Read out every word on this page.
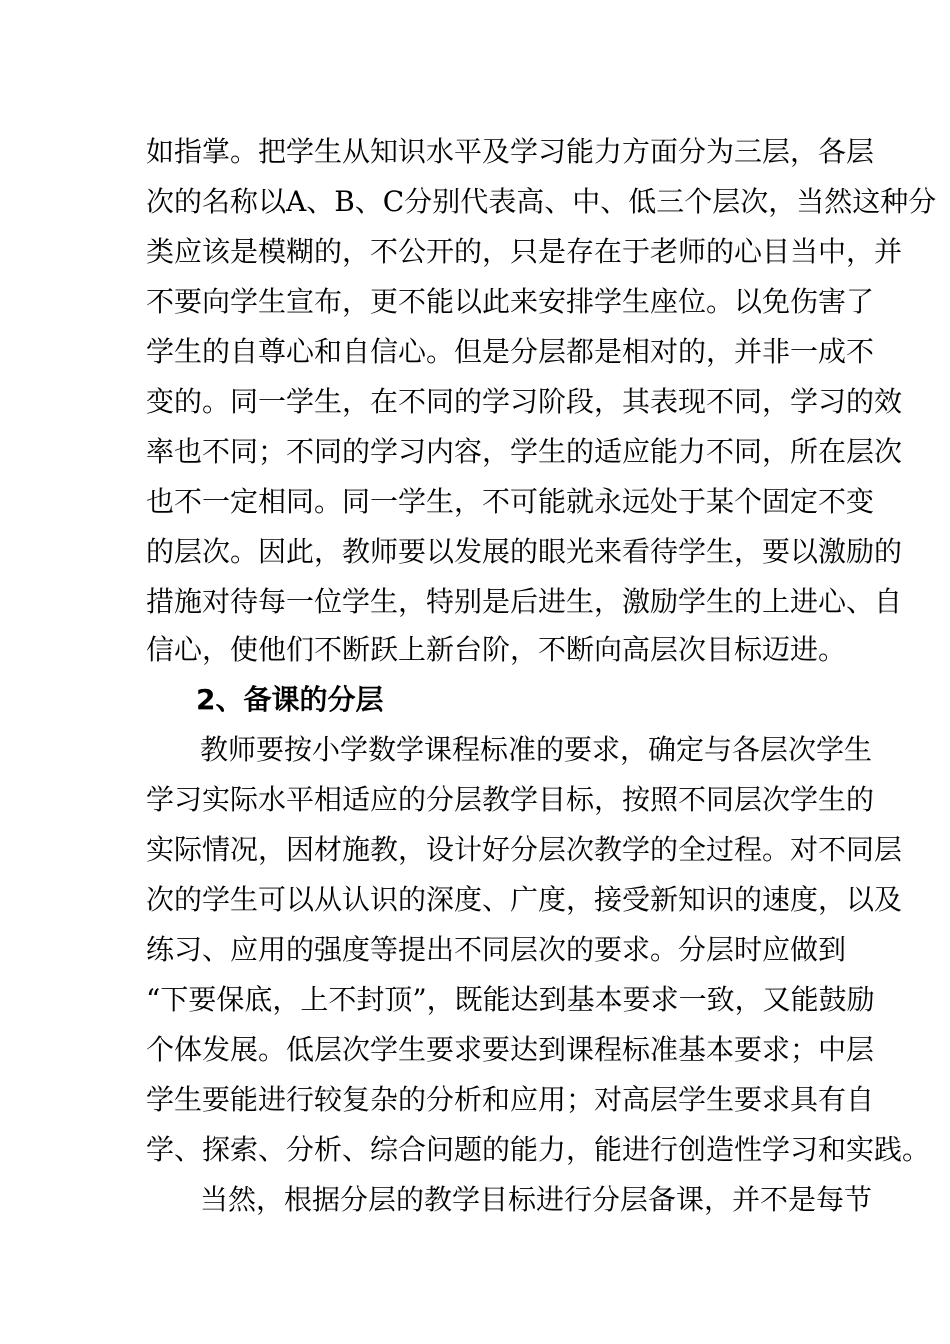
如指掌。把学生从知识水平及学习能力方面分为三层，各层
次的名称以A、B、C分别代表高、中、低三个层次，当然这种分
类应该是模糊的，不公开的，只是存在于老师的心目当中，并
不要向学生宣布，更不能以此来安排学生座位。以免伤害了
学生的自尊心和自信心。但是分层都是相对的，并非一成不
变的。同一学生，在不同的学习阶段，其表现不同，学习的效
率也不同；不同的学习内容，学生的适应能力不同，所在层次
也不一定相同。同一学生，不可能就永远处于某个固定不变
的层次。因此，教师要以发展的眼光来看待学生，要以激励的
措施对待每一位学生，特别是后进生，激励学生的上进心、自
信心，使他们不断跃上新台阶，不断向高层次目标迈进。
2、备课的分层
教师要按小学数学课程标准的要求，确定与各层次学生
学习实际水平相适应的分层教学目标，按照不同层次学生的
实际情况，因材施教，设计好分层次教学的全过程。对不同层
次的学生可以从认识的深度、广度，接受新知识的速度，以及
练习、应用的强度等提出不同层次的要求。分层时应做到
“下要保底，上不封顶”，既能达到基本要求一致，又能鼓励
个体发展。低层次学生要求要达到课程标准基本要求；中层
学生要能进行较复杂的分析和应用；对高层学生要求具有自
学、探索、分析、综合问题的能力，能进行创造性学习和实践。
当然，根据分层的教学目标进行分层备课，并不是每节
